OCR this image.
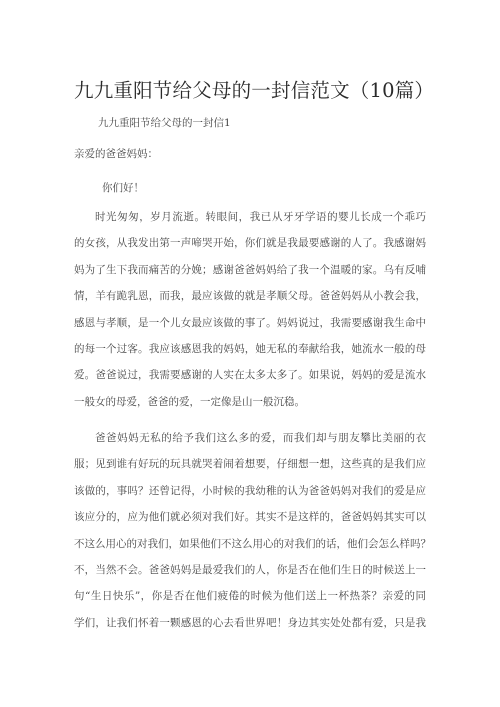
九九重阳节给父母的一封信范文（10篇）
九九重阳节给父母的一封信1
亲爱的爸爸妈妈：
你们好！
时光匆匆，岁月流逝。转眼间，我已从牙牙学语的婴儿长成一个乖巧
的女孩，从我发出第一声啼哭开始，你们就是我最要感谢的人了。我感谢妈
妈为了生下我而痛苦的分娩；感谢爸爸妈妈给了我一个温暖的家。乌有反哺
情，羊有跪乳恩，而我，最应该做的就是孝顺父母。爸爸妈妈从小教会我，
感恩与孝顺，是一个儿女最应该做的事了。妈妈说过，我需要感谢我生命中
的每一个过客。我应该感恩我的妈妈，她无私的奉献给我，她流水一般的母
爱。爸爸说过，我需要感谢的人实在太多太多了。如果说，妈妈的爱是流水
一般女的母爱，爸爸的爱，一定像是山一般沉稳。
爸爸妈妈无私的给予我们这么多的爱，而我们却与朋友攀比美丽的衣
服；见到谁有好玩的玩具就哭着闹着想要，仔细想一想，这些真的是我们应
该做的，事吗？还曾记得，小时候的我幼稚的认为爸爸妈妈对我们的爱是应
该应分的，应为他们就必须对我们好。其实不是这样的，爸爸妈妈其实可以
不这么用心的对我们，如果他们不这么用心的对我们的话，他们会怎么样吗？
不，当然不会。爸爸妈妈是最爱我们的人，你是否在他们生日的时候送上一
句“生日快乐”，你是否在他们疲倦的时候为他们送上一杯热茶？亲爱的同
学们，让我们怀着一颗感恩的心去看世界吧！身边其实处处都有爱，只是我
